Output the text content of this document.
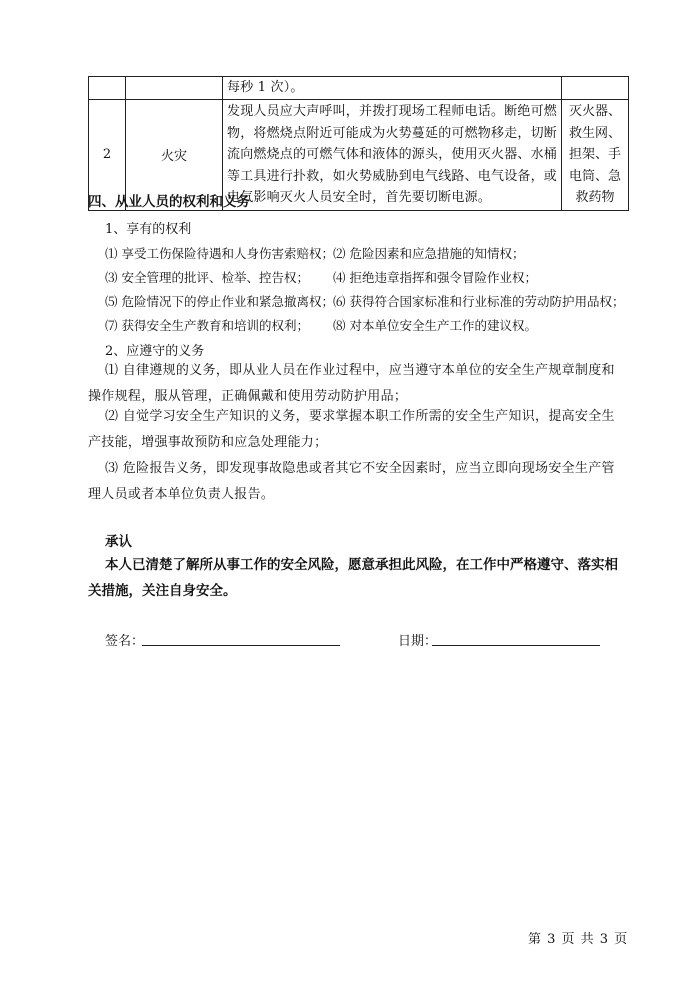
		每秒 1 次）。	
2	火灾	发现人员应大声呼叫，并拨打现场工程师电话。断绝可燃物，将燃烧点附近可能成为火势蔓延的可燃物移走，切断流向燃烧点的可燃气体和液体的源头，使用灭火器、水桶等工具进行扑救，如火势威胁到电气线路、电气设备，或电气影响灭火人员安全时，首先要切断电源。	灭火器、救生网、担架、手电筒、急救药物
四、从业人员的权利和义务
1、享有的权利
⑴ 享受工伤保险待遇和人身伤害索赔权； ⑵ 危险因素和应急措施的知情权；
⑶ 安全管理的批评、检举、控告权； ⑷ 拒绝违章指挥和强令冒险作业权；
⑸ 危险情况下的停止作业和紧急撤离权； ⑹ 获得符合国家标准和行业标准的劳动防护用品权；
⑺ 获得安全生产教育和培训的权利； ⑻ 对本单位安全生产工作的建议权。
2、应遵守的义务
⑴ 自律遵规的义务，即从业人员在作业过程中，应当遵守本单位的安全生产规章制度和操作规程，服从管理，正确佩戴和使用劳动防护用品；
⑵ 自觉学习安全生产知识的义务，要求掌握本职工作所需的安全生产知识，提高安全生产技能，增强事故预防和应急处理能力；
⑶ 危险报告义务，即发现事故隐患或者其它不安全因素时，应当立即向现场安全生产管理人员或者本单位负责人报告。
承认
本人已清楚了解所从事工作的安全风险，愿意承担此风险，在工作中严格遵守、落实相关措施，关注自身安全。
签名：	日期：
第 3 页 共 3 页
